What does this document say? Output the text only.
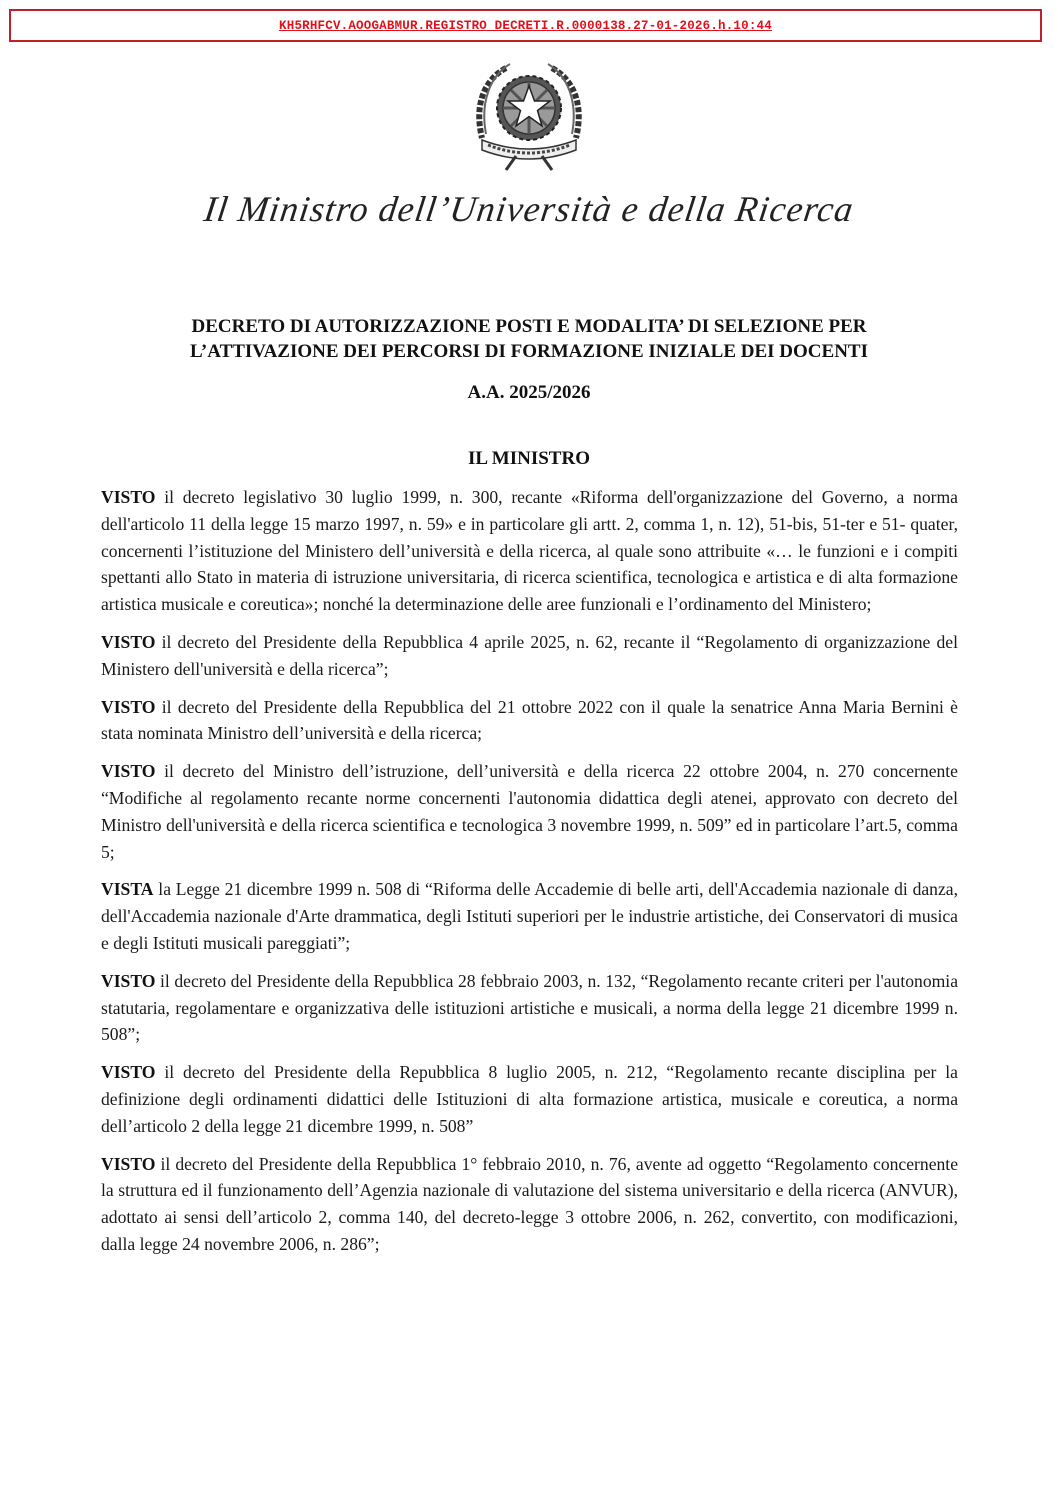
KH5RHFCV.AOOGABMUR.REGISTRO DECRETI.R.0000138.27-01-2026.h.10:44
Il Ministro dell’Università e della Ricerca
DECRETO DI AUTORIZZAZIONE POSTI E MODALITA’ DI SELEZIONE PER
L’ATTIVAZIONE DEI PERCORSI DI FORMAZIONE INIZIALE DEI DOCENTI
A.A. 2025/2026
IL MINISTRO

VISTO il decreto legislativo 30 luglio 1999, n. 300, recante «Riforma dell'organizzazione del Governo, a norma dell'articolo 11 della legge 15 marzo 1997, n. 59» e in particolare gli artt. 2, comma 1, n. 12), 51-bis, 51-ter e 51- quater, concernenti l’istituzione del Ministero dell’università e della ricerca, al quale sono attribuite «… le funzioni e i compiti spettanti allo Stato in materia di istruzione universitaria, di ricerca scientifica, tecnologica e artistica e di alta formazione artistica musicale e coreutica»; nonché la determinazione delle aree funzionali e l’ordinamento del Ministero;

VISTO il decreto del Presidente della Repubblica 4 aprile 2025, n. 62, recante il “Regolamento di organizzazione del Ministero dell'università e della ricerca”;

VISTO il decreto del Presidente della Repubblica del 21 ottobre 2022 con il quale la senatrice Anna Maria Bernini è stata nominata Ministro dell’università e della ricerca;

VISTO il decreto del Ministro dell’istruzione, dell’università e della ricerca 22 ottobre 2004, n. 270 concernente “Modifiche al regolamento recante norme concernenti l'autonomia didattica degli atenei, approvato con decreto del Ministro dell'università e della ricerca scientifica e tecnologica 3 novembre 1999, n. 509” ed in particolare l’art.5, comma 5;

VISTA la Legge 21 dicembre 1999 n. 508 di “Riforma delle Accademie di belle arti, dell'Accademia nazionale di danza, dell'Accademia nazionale d'Arte drammatica, degli Istituti superiori per le industrie artistiche, dei Conservatori di musica e degli Istituti musicali pareggiati”;

VISTO il decreto del Presidente della Repubblica 28 febbraio 2003, n. 132, “Regolamento recante criteri per l'autonomia statutaria, regolamentare e organizzativa delle istituzioni artistiche e musicali, a norma della legge 21 dicembre 1999 n. 508”;

VISTO il decreto del Presidente della Repubblica 8 luglio 2005, n. 212, “Regolamento recante disciplina per la definizione degli ordinamenti didattici delle Istituzioni di alta formazione artistica, musicale e coreutica, a norma dell’articolo 2 della legge 21 dicembre 1999, n. 508”

VISTO il decreto del Presidente della Repubblica 1° febbraio 2010, n. 76, avente ad oggetto “Regolamento concernente la struttura ed il funzionamento dell’Agenzia nazionale di valutazione del sistema universitario e della ricerca (ANVUR), adottato ai sensi dell’articolo 2, comma 140, del decreto-legge 3 ottobre 2006, n. 262, convertito, con modificazioni, dalla legge 24 novembre 2006, n. 286”;
